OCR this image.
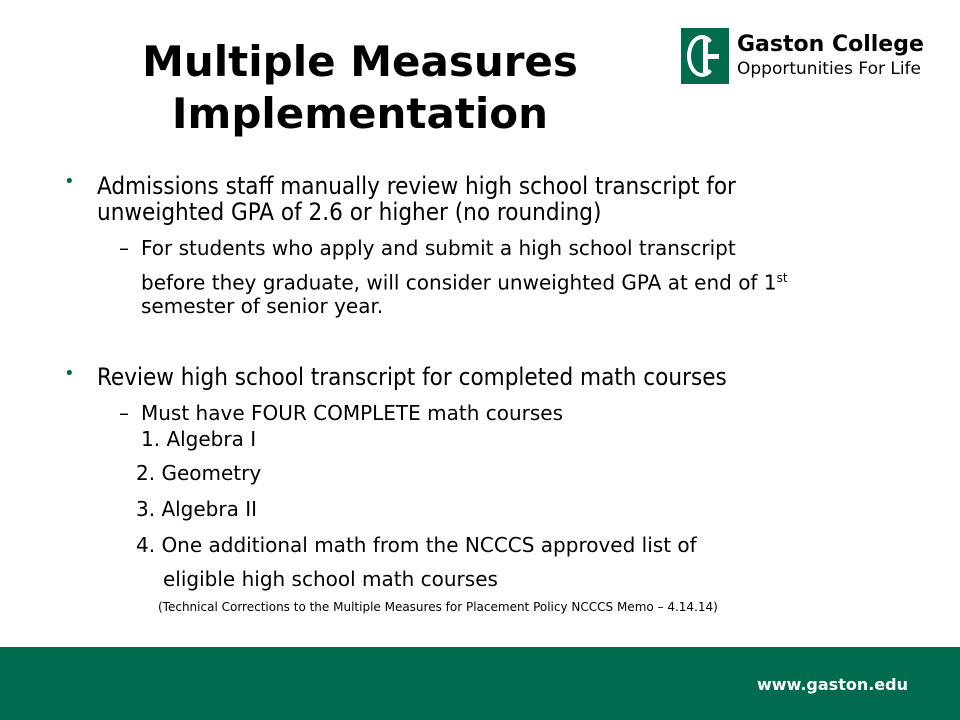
Multiple Measures
Implementation
Gaston College
Opportunities For Life
• Admissions staff manually review high school transcript for
unweighted GPA of 2.6 or higher (no rounding)
– For students who apply and submit a high school transcript
before they graduate, will consider unweighted GPA at end of 1st
semester of senior year.
• Review high school transcript for completed math courses
– Must have FOUR COMPLETE math courses
1. Algebra I
2. Geometry
3. Algebra II
4. One additional math from the NCCCS approved list of
eligible high school math courses
(Technical Corrections to the Multiple Measures for Placement Policy NCCCS Memo – 4.14.14)
www.gaston.edu
